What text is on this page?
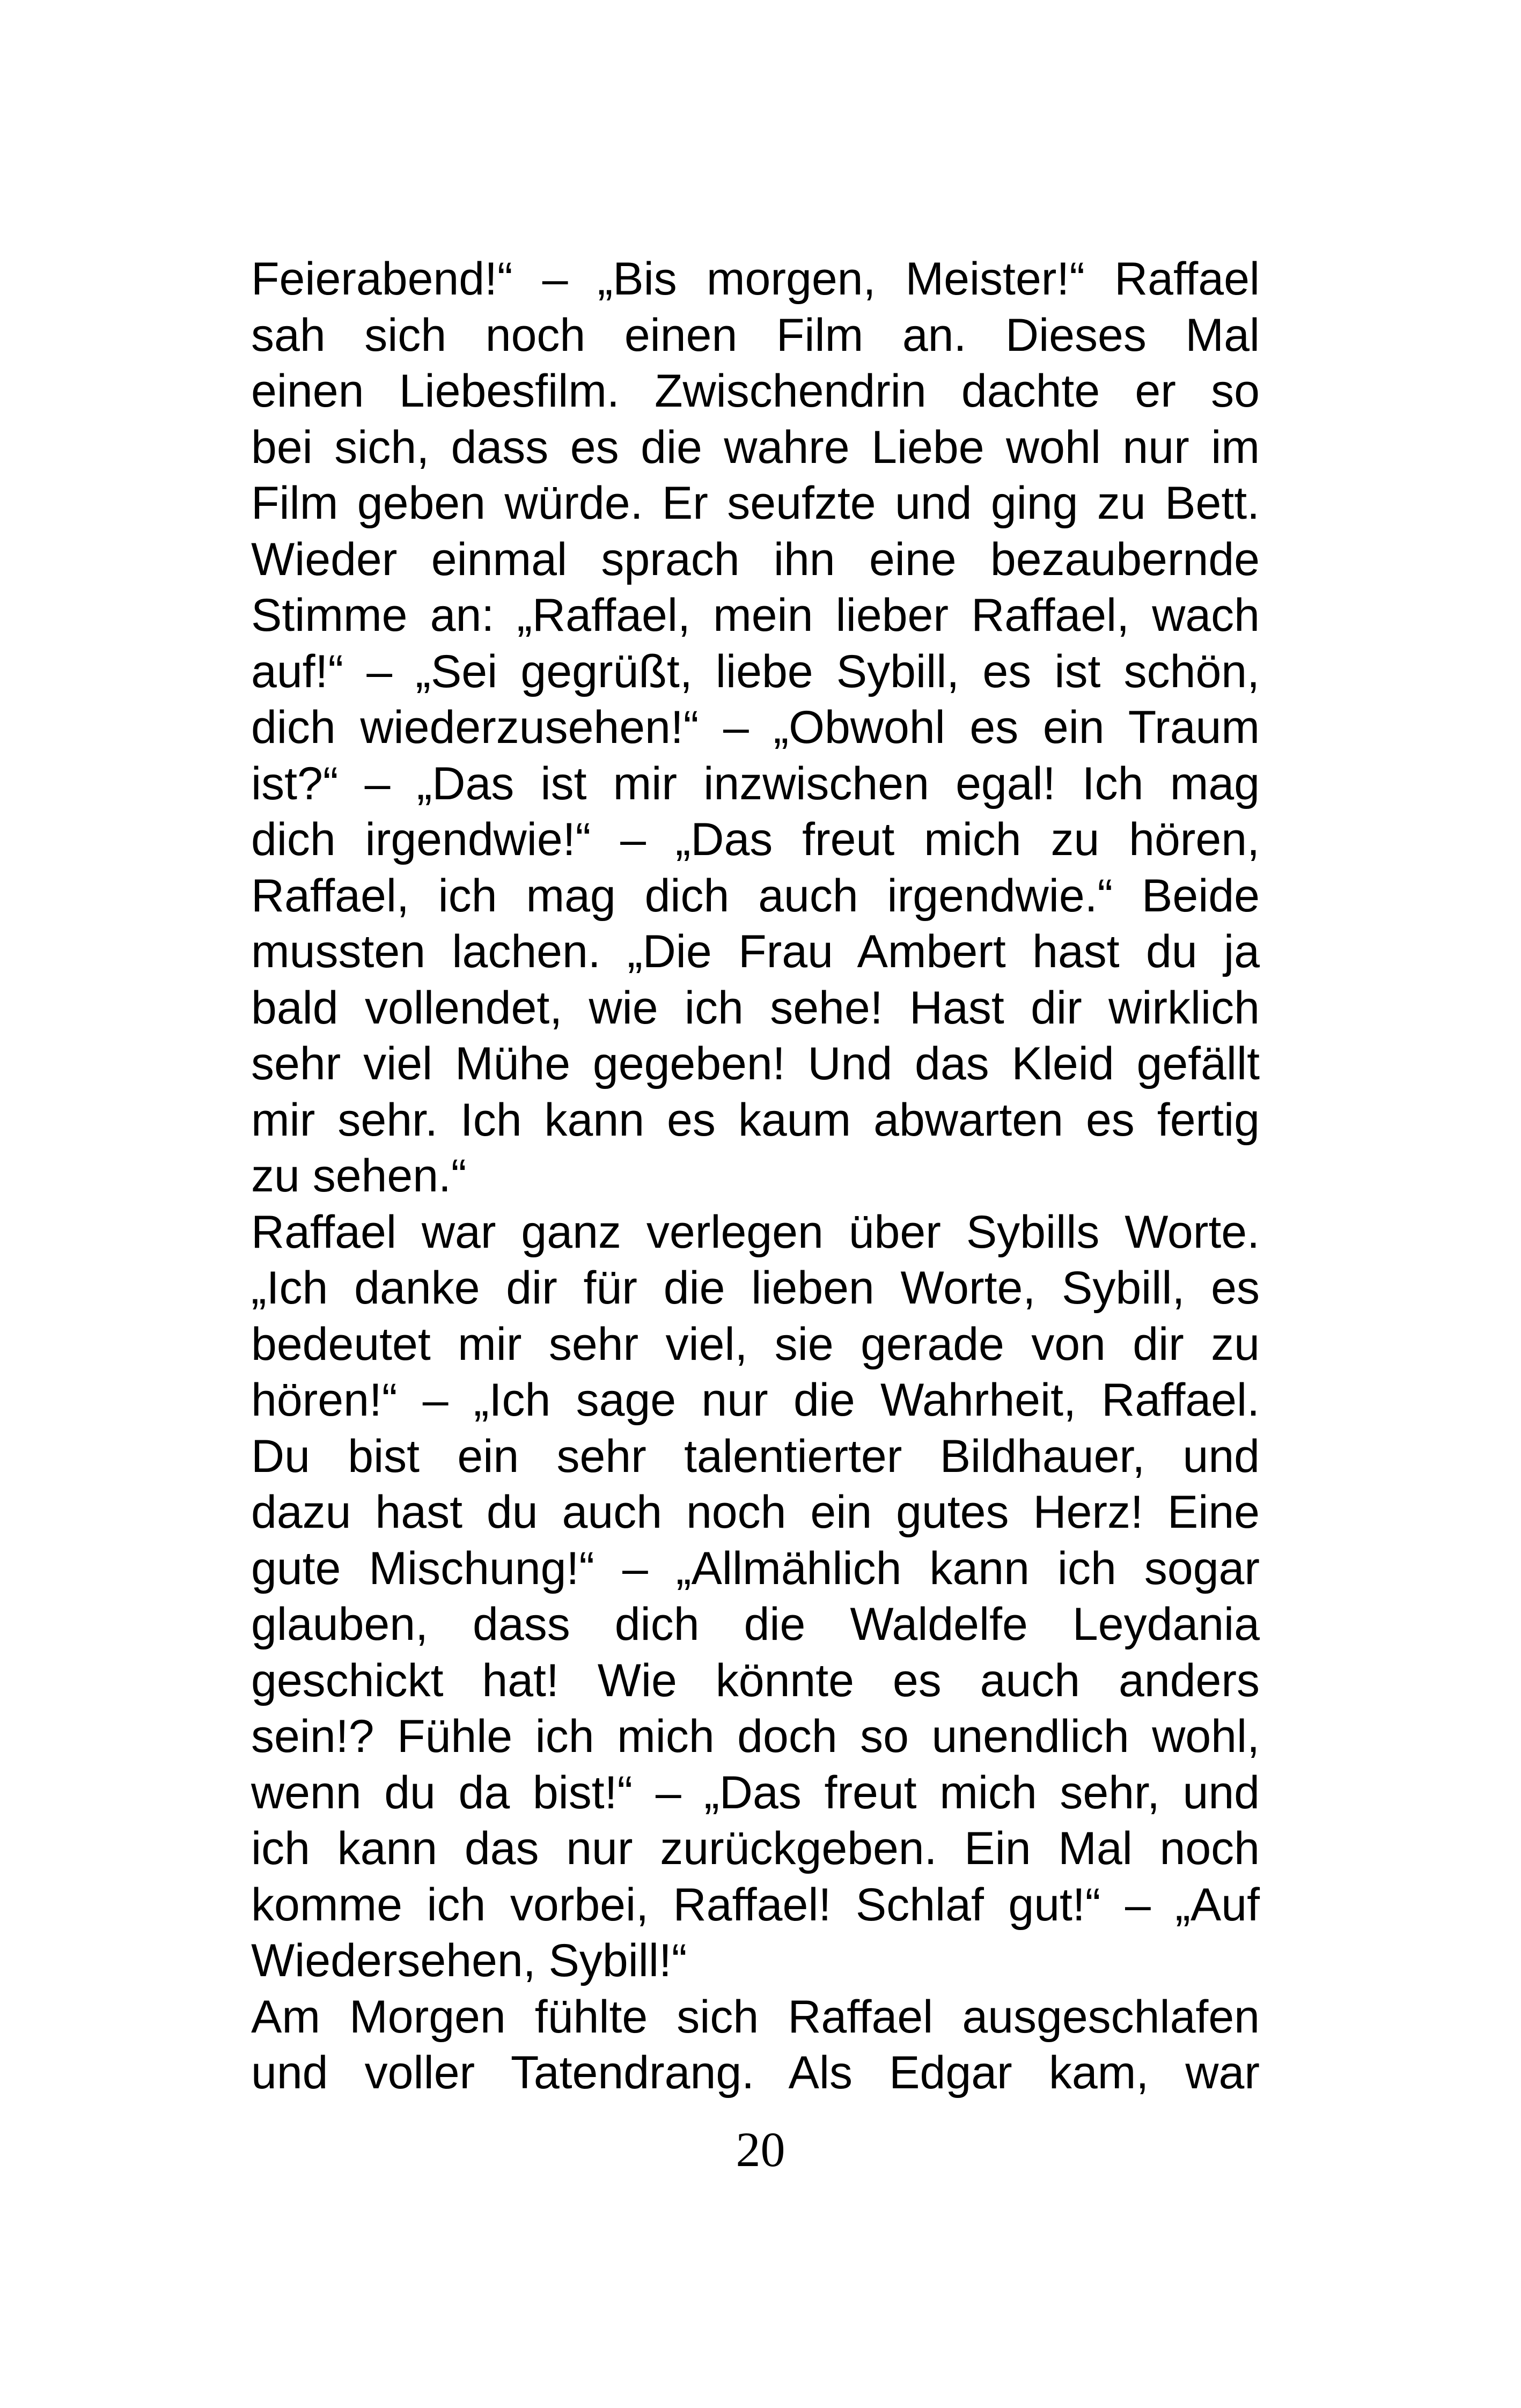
Feierabend!“ – „Bis morgen, Meister!“ Raffael
sah sich noch einen Film an. Dieses Mal
einen Liebesfilm. Zwischendrin dachte er so
bei sich, dass es die wahre Liebe wohl nur im
Film geben würde. Er seufzte und ging zu Bett.
Wieder einmal sprach ihn eine bezaubernde
Stimme an: „Raffael, mein lieber Raffael, wach
auf!“ – „Sei gegrüßt, liebe Sybill, es ist schön,
dich wiederzusehen!“ – „Obwohl es ein Traum
ist?“ – „Das ist mir inzwischen egal! Ich mag
dich irgendwie!“ – „Das freut mich zu hören,
Raffael, ich mag dich auch irgendwie.“ Beide
mussten lachen. „Die Frau Ambert hast du ja
bald vollendet, wie ich sehe! Hast dir wirklich
sehr viel Mühe gegeben! Und das Kleid gefällt
mir sehr. Ich kann es kaum abwarten es fertig
zu sehen.“
Raffael war ganz verlegen über Sybills Worte.
„Ich danke dir für die lieben Worte, Sybill, es
bedeutet mir sehr viel, sie gerade von dir zu
hören!“ – „Ich sage nur die Wahrheit, Raffael.
Du bist ein sehr talentierter Bildhauer, und
dazu hast du auch noch ein gutes Herz! Eine
gute Mischung!“ – „Allmählich kann ich sogar
glauben, dass dich die Waldelfe Leydania
geschickt hat! Wie könnte es auch anders
sein!? Fühle ich mich doch so unendlich wohl,
wenn du da bist!“ – „Das freut mich sehr, und
ich kann das nur zurückgeben. Ein Mal noch
komme ich vorbei, Raffael! Schlaf gut!“ – „Auf
Wiedersehen, Sybill!“
Am Morgen fühlte sich Raffael ausgeschlafen
und voller Tatendrang. Als Edgar kam, war
20
